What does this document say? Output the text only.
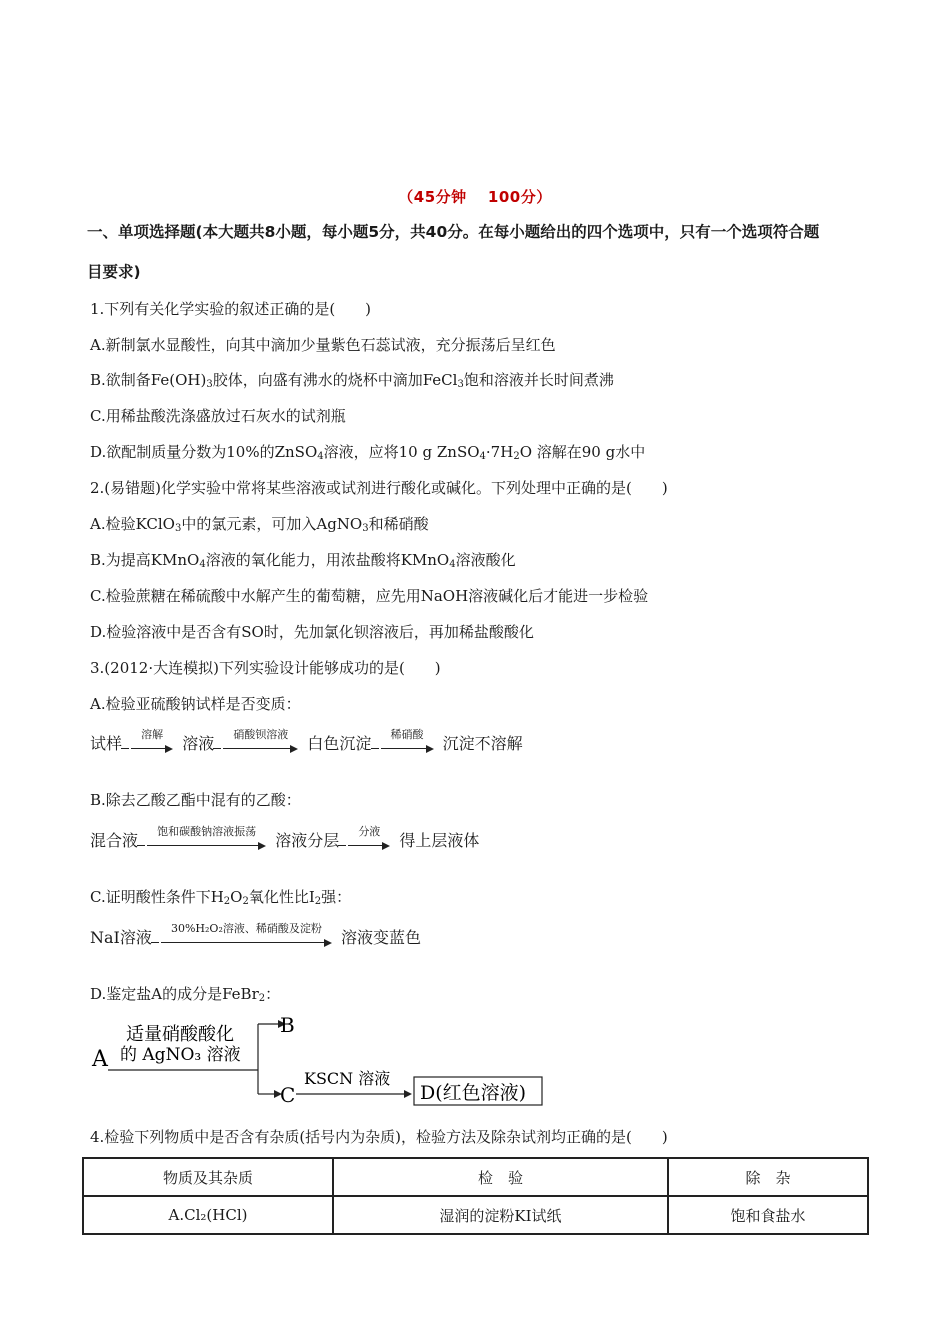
（45分钟　 100分）
一、单项选择题(本大题共8小题，每小题5分，共40分。在每小题给出的四个选项中，只有一个选项符合题
目要求)
1.下列有关化学实验的叙述正确的是(　　)
A.新制氯水显酸性，向其中滴加少量紫色石蕊试液，充分振荡后呈红色
B.欲制备$Fe(OH)_3$胶体，向盛有沸水的烧杯中滴加FeCl$_3$饱和溶液并长时间煮沸
C.用稀盐酸洗涤盛放过石灰水的试剂瓶
D.欲配制质量分数为10%的ZnSO$_4$溶液，应将10 g $ZnSO_4\cdot 7H_2O$ 溶解在90 g水中
2.(易错题)化学实验中常将某些溶液或试剂进行酸化或碱化。下列处理中正确的是(　　)
A.检验KClO$_3$中的氯元素，可加入AgNO$_3$和稀硝酸
B.为提高KMnO$_4$溶液的氧化能力，用浓盐酸将KMnO$_4$溶液酸化
C.检验蔗糖在稀硫酸中水解产生的葡萄糖，应先用NaOH溶液碱化后才能进一步检验
D.检验溶液中是否含有SO时，先加氯化钡溶液后，再加稀盐酸酸化
3.(2012·大连模拟)下列实验设计能够成功的是(　　)
A.检验亚硫酸钠试样是否变质：
试样	溶解	溶液	硝酸钡溶液	白色沉淀	稀硝酸	沉淀不溶解
B.除去乙酸乙酯中混有的乙酸：
混合液	饱和碳酸钠溶液振荡	溶液分层	分液	得上层液体
C.证明酸性条件下$H_2O_2$氧化性比$I_2$强：
NaI溶液	30%H₂O₂溶液、稀硝酸及淀粉	溶液变蓝色
D.鉴定盐A的成分是FeBr$_2$：
A
适量硝酸酸化
的 AgNO₃ 溶液
B
C
KSCN 溶液
D(红色溶液)
4.检验下列物质中是否含有杂质(括号内为杂质)，检验方法及除杂试剂均正确的是(　　)
物质及其杂质	检　验	除　杂
A.Cl₂(HCl)	湿润的淀粉KI试纸	饱和食盐水
